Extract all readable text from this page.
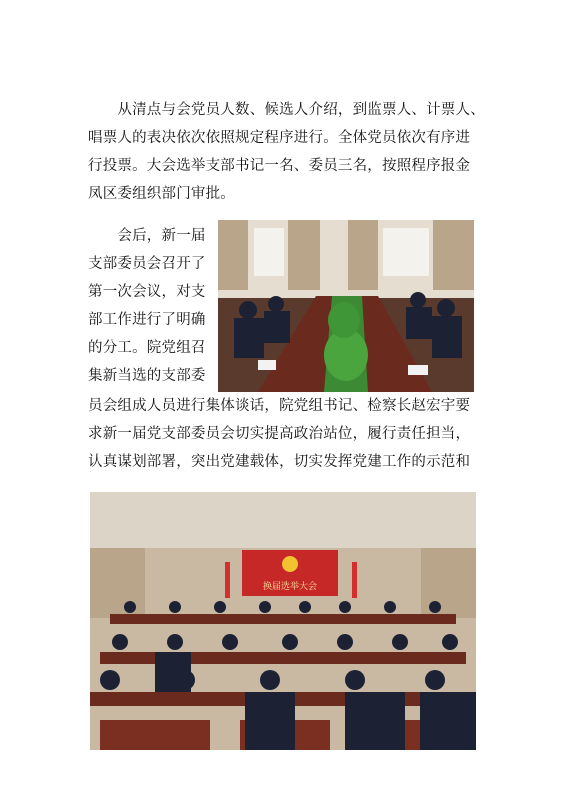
　　从清点与会党员人数、候选人介绍，到监票人、计票人、
唱票人的表决依次依照规定程序进行。全体党员依次有序进
行投票。大会选举支部书记一名、委员三名，按照程序报金
凤区委组织部门审批。
　　会后，新一届
支部委员会召开了
第一次会议，对支
部工作进行了明确
的分工。院党组召
集新当选的支部委
员会组成人员进行集体谈话，院党组书记、检察长赵宏宇要
求新一届党支部委员会切实提高政治站位，履行责任担当，
认真谋划部署，突出党建载体，切实发挥党建工作的示范和
换届选举大会
